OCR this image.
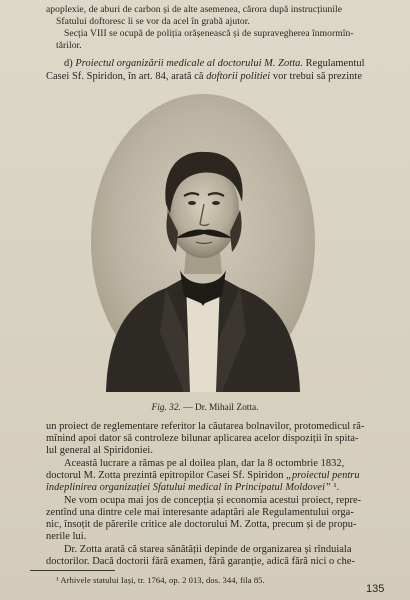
apoplexie, de aburi de carbon și de alte asemenea, cărora după instrucțiunile
Sfatului doftoresc li se vor da acel în grabă ajutor.
Secția VIII se ocupă de poliția orășenească și de supravegherea înmormîn-
tărilor.
d) Proiectul organizării medicale al doctorului M. Zotta. Regulamentul
Casei Sf. Spiridon, în art. 84, arată că doftorii politiei vor trebui să prezinte
Fig. 32. — Dr. Mihail Zotta.
un proiect de reglementare referitor la căutarea bolnavilor, protomedicul ră-
mînind apoi dator să controleze bilunar aplicarea acelor dispoziții în spita-
lul general al Spiridoniei.
Această lucrare a rămas pe al doilea plan, dar la 8 octombrie 1832,
doctorul M. Zotta prezintă epitropilor Casei Sf. Spiridon „proiectul pentru
îndeplinirea organizației Sfatului medical în Principatul Moldovei” ¹.
Ne vom ocupa mai jos de concepția și economia acestui proiect, repre-
zentînd una dintre cele mai interesante adaptări ale Regulamentului orga-
nic, însoțit de părerile critice ale doctorului M. Zotta, precum și de propu-
nerile lui.
Dr. Zotta arată că starea sănătății depinde de organizarea și rînduiala
doctorilor. Dacă doctorii fără examen, fără garanție, adică fără nici o che-
¹ Arhivele statului Iași, tr. 1764, op. 2 013, dos. 344, fila 85.
135
